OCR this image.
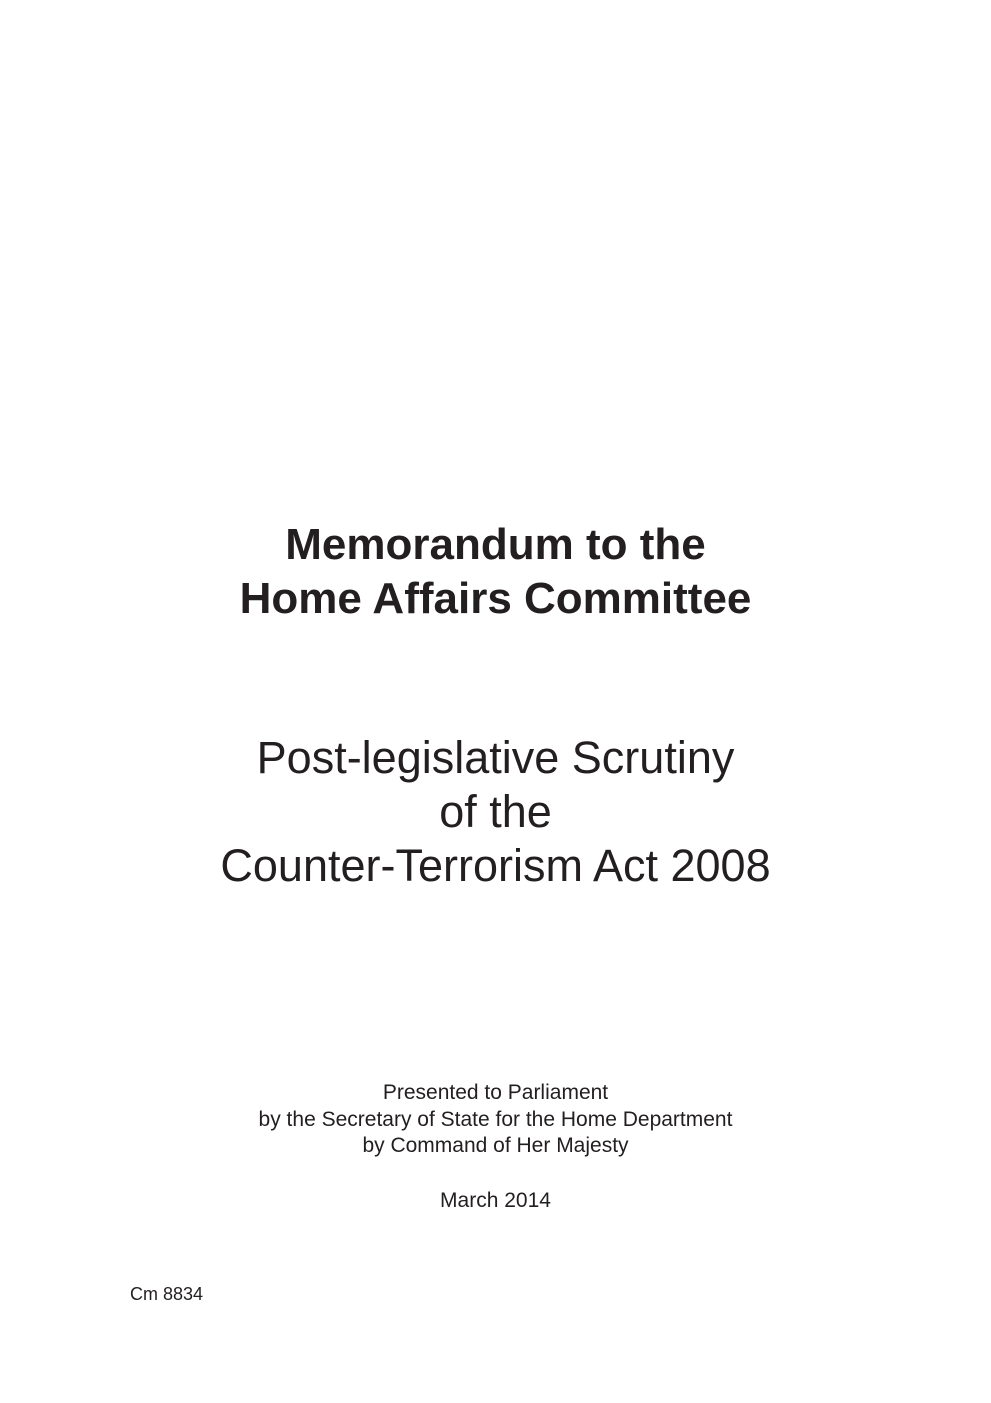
Memorandum to the
Home Affairs Committee
Post-legislative Scrutiny
of the
Counter-Terrorism Act 2008
Presented to Parliament
by the Secretary of State for the Home Department
by Command of Her Majesty
March 2014
Cm 8834
